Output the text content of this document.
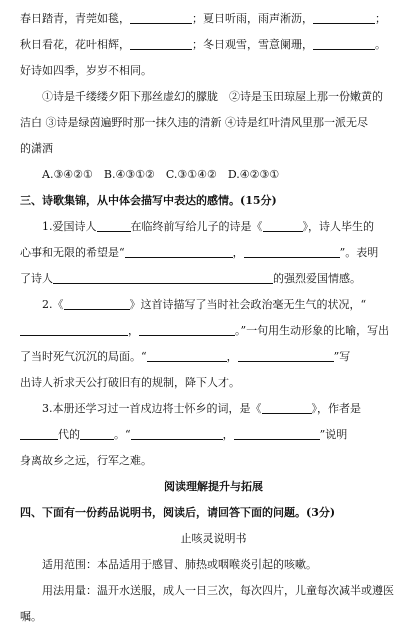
春日踏青，青莞如毯，	；夏日听雨，雨声淅沥，	；
秋日看花，花叶相辉，	；冬日观雪，雪意阑珊，	。
好诗如四季，岁岁不相同。
①诗是千缕缕夕阳下那丝虚幻的朦胧　②诗是玉田琼屋上那一份嫩黄的
洁白 ③诗是绿茵遍野时那一抹久违的清新 ④诗是红叶清风里那一派无尽
的潇洒
A.③④②①　B.④③①②　C.③①④②　D.④②③①
三、诗歌集锦，从中体会描写中表达的感情。(15分)
1.爱国诗人	在临终前写给儿子的诗是《	》，诗人毕生的
心事和无限的希望是“	，	”。表明
了诗人	的强烈爱国情感。
2.《	》这首诗描写了当时社会政治毫无生气的状况，“
，	。”一句用生动形象的比喻，写出
了当时死气沉沉的局面。“	，	”写
出诗人祈求天公打破旧有的规制，降下人才。
3.本册还学习过一首戍边将士怀乡的词，是《	》，作者是
代的	。“	，	”说明
身离故乡之远，行军之难。
阅读理解提升与拓展
四、下面有一份药品说明书，阅读后，请回答下面的问题。(3分)
止咳灵说明书
适用范围：本品适用于感冒、肺热或咽喉炎引起的咳嗽。
用法用量：温开水送服，成人一日三次，每次四片，儿童每次减半或遵医
嘱。
